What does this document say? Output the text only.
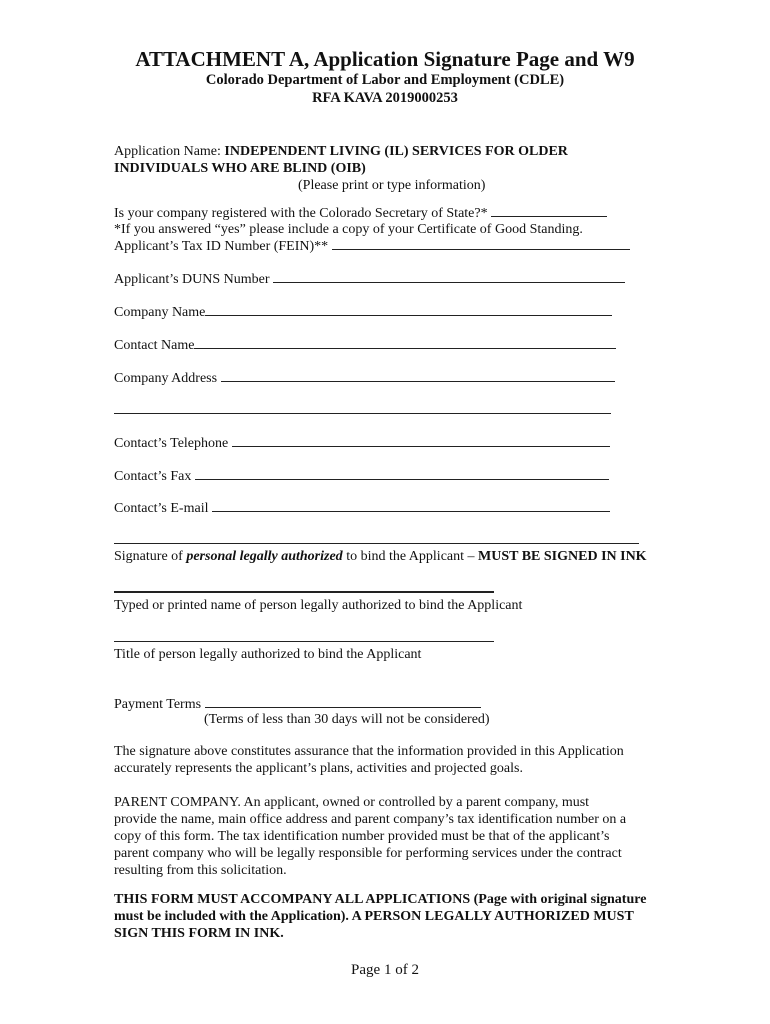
ATTACHMENT A, Application Signature Page and W9
Colorado Department of Labor and Employment (CDLE)
RFA KAVA 2019000253
Application Name: INDEPENDENT LIVING (IL) SERVICES FOR OLDER
INDIVIDUALS WHO ARE BLIND (OIB)
(Please print or type information)
Is your company registered with the Colorado Secretary of State?*
*If you answered “yes” please include a copy of your Certificate of Good Standing.
Applicant’s Tax ID Number (FEIN)**
Applicant’s DUNS Number
Company Name
Contact Name
Company Address
Contact’s Telephone
Contact’s Fax
Contact’s E-mail
Signature of personal legally authorized to bind the Applicant – MUST BE SIGNED IN INK
Typed or printed name of person legally authorized to bind the Applicant
Title of person legally authorized to bind the Applicant
Payment Terms
(Terms of less than 30 days will not be considered)
The signature above constitutes assurance that the information provided in this Application accurately represents the applicant’s plans, activities and projected goals.
PARENT COMPANY. An applicant, owned or controlled by a parent company, must provide the name, main office address and parent company’s tax identification number on a copy of this form. The tax identification number provided must be that of the applicant’s parent company who will be legally responsible for performing services under the contract resulting from this solicitation.
THIS FORM MUST ACCOMPANY ALL APPLICATIONS (Page with original signature must be included with the Application). A PERSON LEGALLY AUTHORIZED MUST SIGN THIS FORM IN INK.
Page 1 of 2
